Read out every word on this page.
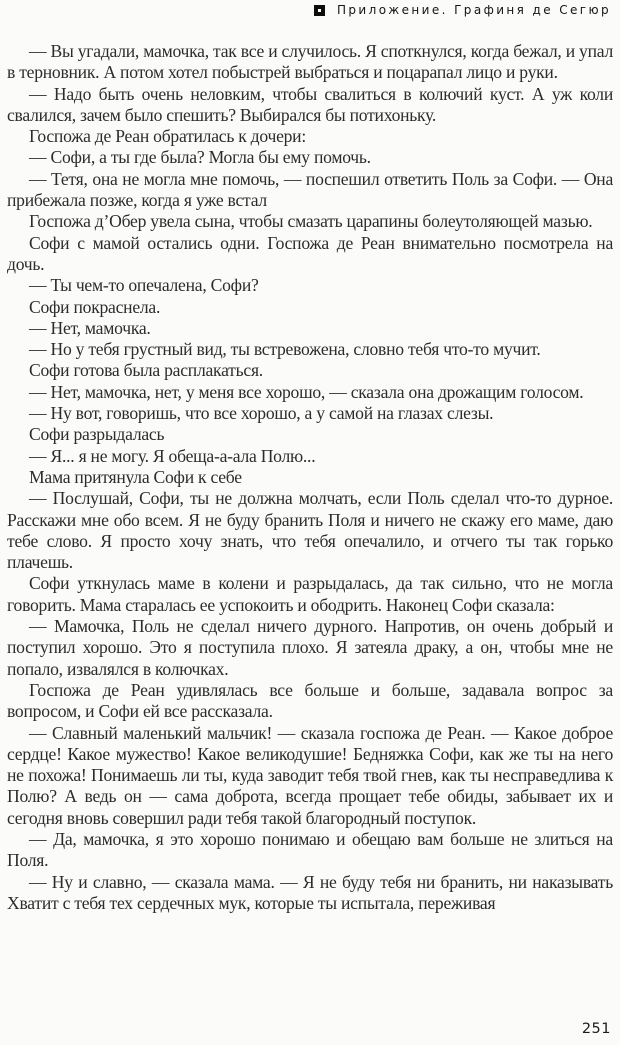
Приложение. Графиня де Сегюр

— Вы угадали, мамочка, так все и случилось. Я споткнулся, когда бежал, и упал в терновник. А потом хотел побыстрей выбраться и поцарапал лицо и руки.

— Надо быть очень неловким, чтобы свалиться в колючий куст. А уж коли свалился, зачем было спешить? Выбирался бы потихоньку.

Госпожа де Реан обратилась к дочери:

— Софи, а ты где была? Могла бы ему помочь.

— Тетя, она не могла мне помочь, — поспешил ответить Поль за Софи. — Она прибежала позже, когда я уже встал

Госпожа д’Обер увела сына, чтобы смазать царапины болеутоляющей мазью.

Софи с мамой остались одни. Госпожа де Реан внимательно посмотрела на дочь.

— Ты чем-то опечалена, Софи?

Софи покраснела.

— Нет, мамочка.

— Но у тебя грустный вид, ты встревожена, словно тебя что-то мучит.

Софи готова была расплакаться.

— Нет, мамочка, нет, у меня все хорошо, — сказала она дрожащим голосом.

— Ну вот, говоришь, что все хорошо, а у самой на глазах слезы.

Софи разрыдалась

— Я... я не могу. Я обеща-а-ала Полю...

Мама притянула Софи к себе

— Послушай, Софи, ты не должна молчать, если Поль сделал что-то дурное. Расскажи мне обо всем. Я не буду бранить Поля и ничего не скажу его маме, даю тебе слово. Я просто хочу знать, что тебя опечалило, и отчего ты так горько плачешь.

Софи уткнулась маме в колени и разрыдалась, да так сильно, что не могла говорить. Мама старалась ее успокоить и ободрить. Наконец Софи сказала:

— Мамочка, Поль не сделал ничего дурного. Напротив, он очень добрый и поступил хорошо. Это я поступила плохо. Я затеяла драку, а он, чтобы мне не попало, извалялся в колючках.

Госпожа де Реан удивлялась все больше и больше, задавала вопрос за вопросом, и Софи ей все рассказала.

— Славный маленький мальчик! — сказала госпожа де Реан. — Какое доброе сердце! Какое мужество! Какое великодушие! Бедняжка Софи, как же ты на него не похожа! Понимаешь ли ты, куда заводит тебя твой гнев, как ты несправедлива к Полю? А ведь он — сама доброта, всегда прощает тебе обиды, забывает их и сегодня вновь совершил ради тебя такой благородный поступок.

— Да, мамочка, я это хорошо понимаю и обещаю вам больше не злиться на Поля.

— Ну и славно, — сказала мама. — Я не буду тебя ни бранить, ни наказывать Хватит с тебя тех сердечных мук, которые ты испытала, переживая

251
